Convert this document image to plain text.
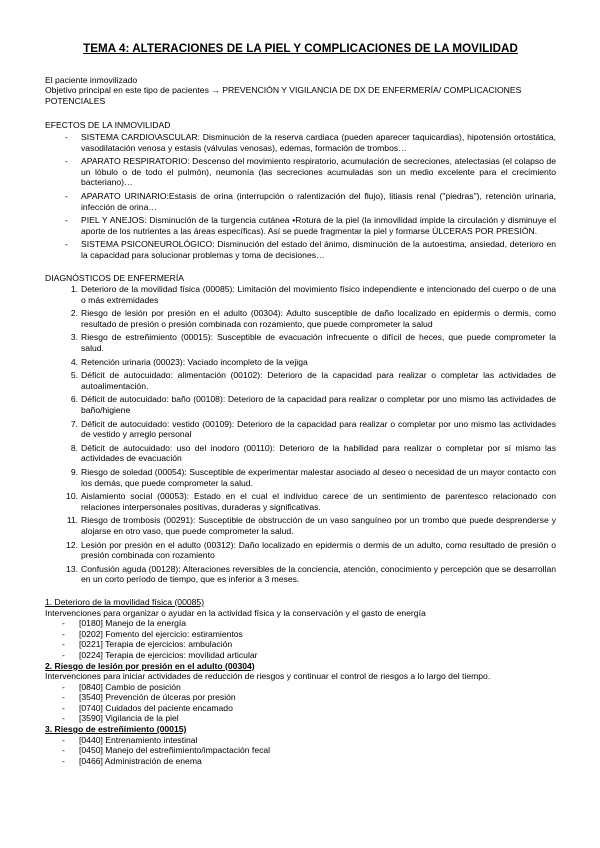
TEMA 4: ALTERACIONES DE LA PIEL Y COMPLICACIONES DE LA MOVILIDAD

El paciente inmovilizado

Objetivo principal en este tipo de pacientes → PREVENCIÓN Y VIGILANCIA DE DX DE ENFERMERÍA/ COMPLICACIONES POTENCIALES

EFECTOS DE LA INMOVILIDAD

- SISTEMA CARDIO\ASCULAR: Disminución de la reserva cardiaca (pueden aparecer taquicardias), hipotensión ortostática, vasodilatación venosa y estasis (válvulas venosas), edemas, formación de trombos…
- APARATO RESPIRATORIO: Descenso del movimiento respiratorio, acumulación de secreciones, atelectasias (el colapso de un lóbulo o de todo el pulmón), neumonía (las secreciones acumuladas son un medio excelente para el crecimiento bacteriano)…
- APARATO URINARIO:Estasis de orina (interrupción o ralentización del flujo), litiasis renal ("piedras"), retención urinaria, infección de orina…
- PIEL Y ANEJOS: Disminución de la turgencia cutánea •Rotura de la piel (la inmovilidad impide la circulación y disminuye el aporte de los nutrientes a las áreas específicas). Así se puede fragmentar la piel y formarse ÚLCERAS POR PRESIÓN.
- SISTEMA PSICONEUROLÓGICO: Disminución del estado del ánimo, disminución de la autoestima, ansiedad, deterioro en la capacidad para solucionar problemas y toma de decisiones…

DIAGNÓSTICOS DE ENFERMERÍA

1. Deterioro de la movilidad física (00085): Limitación del movimiento físico independiente e intencionado del cuerpo o de una o más extremidades
2. Riesgo de lesión por presión en el adulto (00304): Adulto susceptible de daño localizado en epidermis o dermis, como resultado de presión o presión combinada con rozamiento, que puede comprometer la salud
3. Riesgo de estreñimiento (00015): Susceptible de evacuación infrecuente o difícil de heces, que puede comprometer la salud.
4. Retención urinaria (00023): Vaciado incompleto de la vejiga
5. Déficit de autocuidado: alimentación (00102): Deterioro de la capacidad para realizar o completar las actividades de autoalimentación.
6. Déficit de autocuidado: baño (00108): Deterioro de la capacidad para realizar o completar por uno mismo las actividades de baño/higiene
7. Déficit de autocuidado: vestido (00109): Deterioro de la capacidad para realizar o completar por uno mismo las actividades de vestido y arreglo personal
8. Déficit de autocuidado: uso del inodoro (00110): Deterioro de la habilidad para realizar o completar por sí mismo las actividades de evacuación
9. Riesgo de soledad (00054): Susceptible de experimentar malestar asociado al deseo o necesidad de un mayor contacto con los demás, que puede comprometer la salud.
10. Aislamiento social (00053): Estado en el cual el individuo carece de un sentimiento de parentesco relacionado con relaciones interpersonales positivas, duraderas y significativas.
11. Riesgo de trombosis (00291): Susceptible de obstrucción de un vaso sanguíneo por un trombo que puede desprenderse y alojarse en otro vaso, que puede comprometer la salud.
12. Lesión por presión en el adulto (00312): Daño localizado en epidermis o dermis de un adulto, como resultado de presión o presión combinada con rozamiento
13. Confusión aguda (00128): Alteraciones reversibles de la conciencia, atención, conocimiento y percepción que se desarrollan en un corto período de tiempo, que es inferior a 3 meses.

1. Deterioro de la movilidad física (00085)

Intervenciones para organizar o ayudar en la actividad física y la conservación y el gasto de energía

- [0180] Manejo de la energía
- [0202] Fomento del ejercicio: estiramientos
- [0221] Terapia de ejercicios: ambulación
- [0224] Terapia de ejercicios: movilidad articular

2. Riesgo de lesión por presión en el adulto (00304)

Intervenciones para iniciar actividades de reducción de riesgos y continuar el control de riesgos a lo largo del tiempo.

- [0840] Cambio de posición
- [3540] Prevención de úlceras por presión
- [0740] Cuidados del paciente encamado
- [3590] Vigilancia de la piel

3. Riesgo de estreñimiento (00015)

- [0440] Entrenamiento intestinal
- [0450] Manejo del estreñimiento/impactación fecal
- [0466] Administración de enema
